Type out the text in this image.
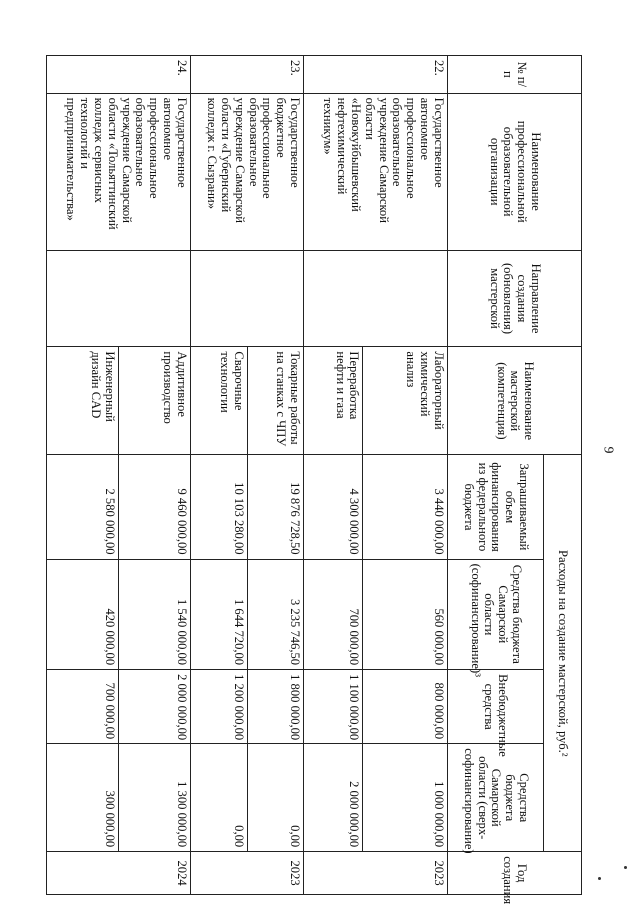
9
№ п/п	Наименование профессиональной образовательной организации	Направление создания (обновления) мастерской	Наименование мастерской (компетенция)	Расходы на создание мастерской, руб.²				Год создания
				Запрашиваемый объем финансирования из федерального бюджета	Средства бюджета Самарской области (софинансирование)³	Внебюджетные средства	Средства бюджета Самарской области (сверх-софинансирование)	
22.	Государственное автономное профессиональное образовательное учреждение Самарской области «Новокуйбышевский нефтехимический техникум»		Лабораторный химический анализ	3 440 000,00	560 000,00	800 000,00	1 000 000,00	2023
			Переработка нефти и газа	4 300 000,00	700 000,00	1 100 000,00	2 000 000,00	
23.	Государственное бюджетное профессиональное образовательное учреждение Самарской области «Губернский колледж г. Сызрани»		Токарные работы на станках с ЧПУ	19 876 728,50	3 235 746,50	1 800 000,00	0,00	2023
			Сварочные технологии	10 103 280,00	1 644 720,00	1 200 000,00	0,00	
24.	Государственное автономное профессиональное образовательное учреждение Самарской области «Тольяттинский колледж сервисных технологий и предпринимательства»		Аддитивное производство	9 460 000,00	1 540 000,00	2 000 000,00	1 300 000,00	2024
			Инженерный дизайн CAD	2 580 000,00	420 000,00	700 000,00	300 000,00	
